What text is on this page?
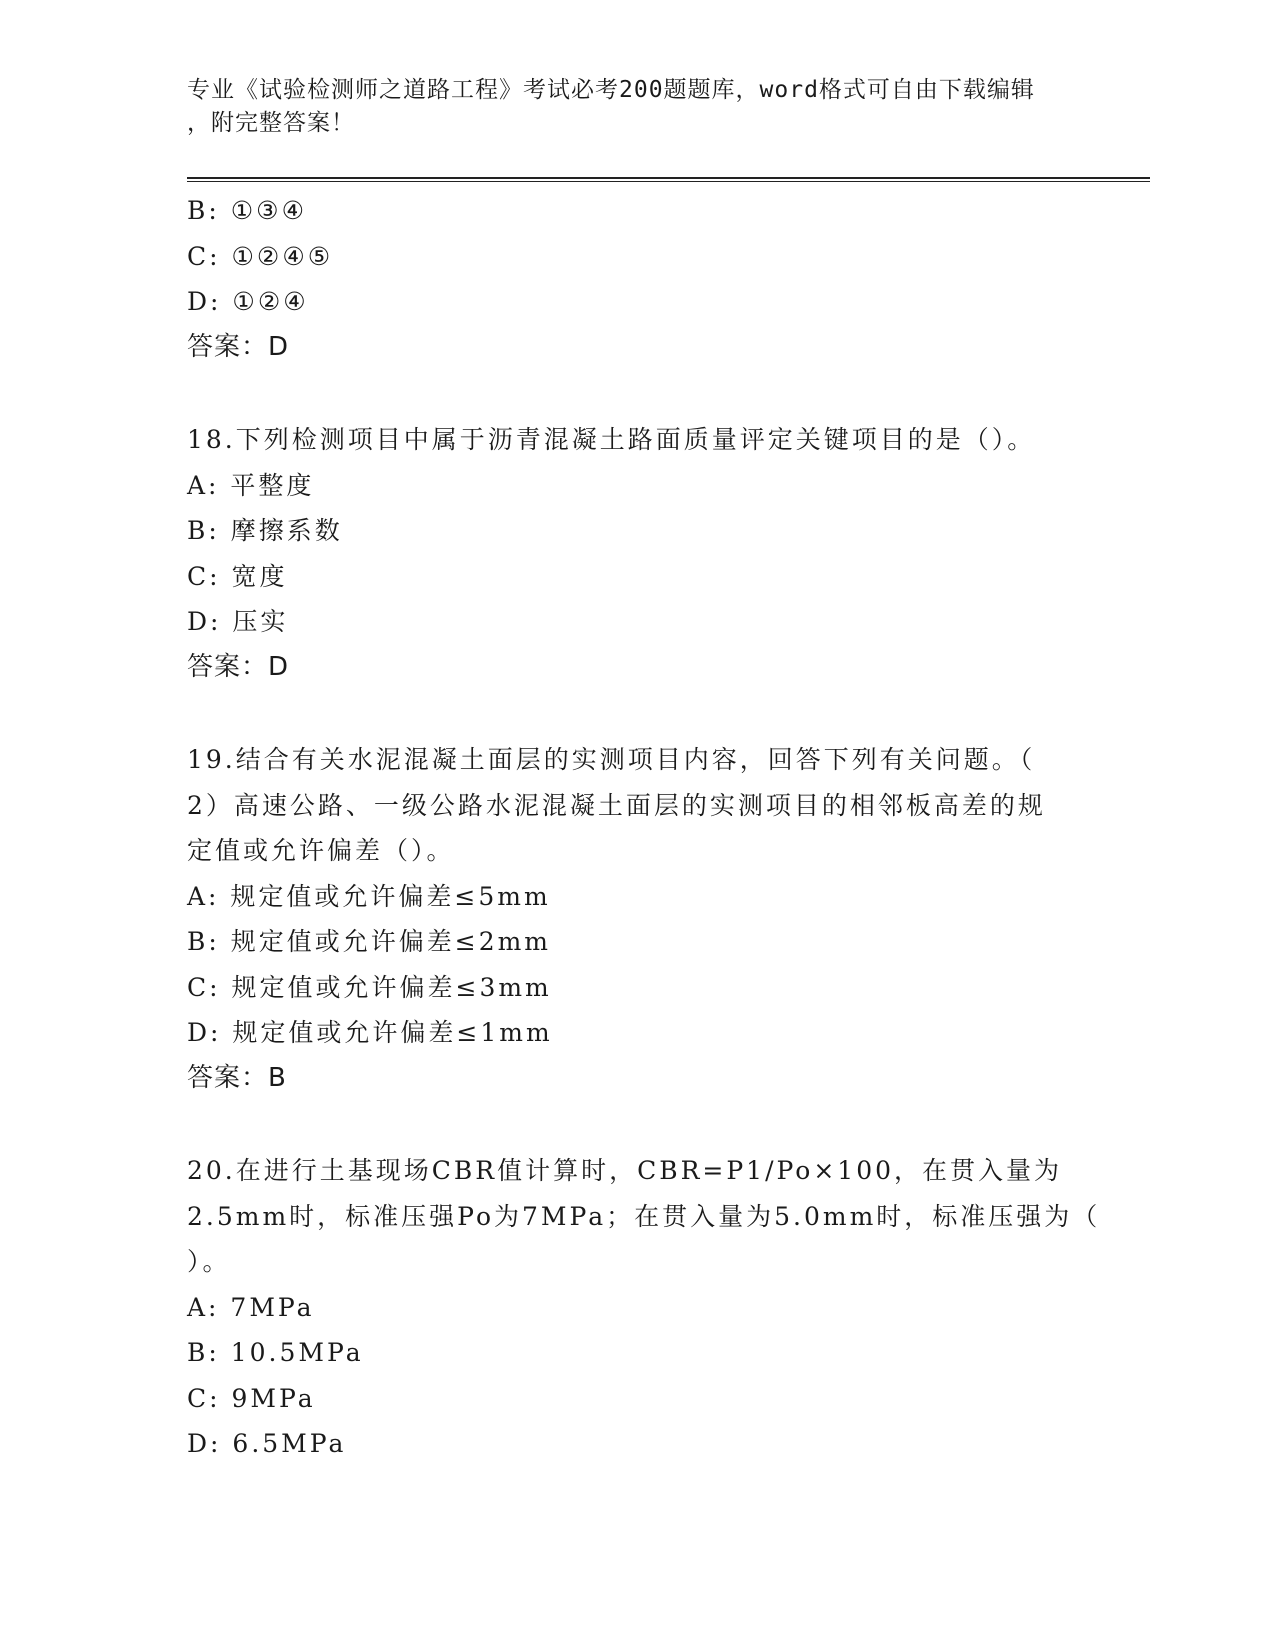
专业《试验检测师之道路工程》考试必考200题题库，word格式可自由下载编辑
，附完整答案！
B: ①③④
C: ①②④⑤
D: ①②④
答案：D
18.下列检测项目中属于沥青混凝土路面质量评定关键项目的是（）。
A: 平整度
B: 摩擦系数
C: 宽度
D: 压实
答案：D
19.结合有关水泥混凝土面层的实测项目内容，回答下列有关问题。（
2）高速公路、一级公路水泥混凝土面层的实测项目的相邻板高差的规
定值或允许偏差（）。
A: 规定值或允许偏差≤5mm
B: 规定值或允许偏差≤2mm
C: 规定值或允许偏差≤3mm
D: 规定值或允许偏差≤1mm
答案：B
20.在进行土基现场CBR值计算时，CBR=P1/Po×100，在贯入量为
2.5mm时，标准压强Po为7MPa；在贯入量为5.0mm时，标准压强为（
）。
A: 7MPa
B: 10.5MPa
C: 9MPa
D: 6.5MPa
